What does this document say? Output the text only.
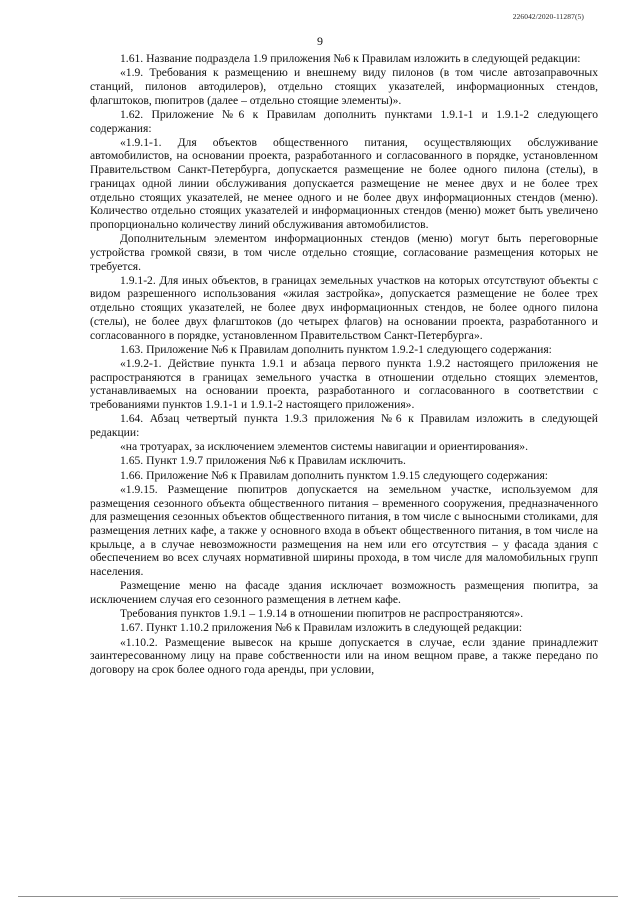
226042/2020-11287(5)
9

1.61. Название подраздела 1.9 приложения №6 к Правилам изложить в следующей редакции:

«1.9. Требования к размещению и внешнему виду пилонов (в том числе автозаправочных станций, пилонов автодилеров), отдельно стоящих указателей, информационных стендов, флагштоков, пюпитров (далее – отдельно стоящие элементы)».

1.62. Приложение №6 к Правилам дополнить пунктами 1.9.1-1 и 1.9.1-2 следующего содержания:

«1.9.1-1. Для объектов общественного питания, осуществляющих обслуживание автомобилистов, на основании проекта, разработанного и согласованного в порядке, установленном Правительством Санкт-Петербурга, допускается размещение не более одного пилона (стелы), в границах одной линии обслуживания допускается размещение не менее двух и не более трех отдельно стоящих указателей, не менее одного и не более двух информационных стендов (меню). Количество отдельно стоящих указателей и информационных стендов (меню) может быть увеличено пропорционально количеству линий обслуживания автомобилистов.

Дополнительным элементом информационных стендов (меню) могут быть переговорные устройства громкой связи, в том числе отдельно стоящие, согласование размещения которых не требуется.

1.9.1-2. Для иных объектов, в границах земельных участков на которых отсутствуют объекты с видом разрешенного использования «жилая застройка», допускается размещение не более трех отдельно стоящих указателей, не более двух информационных стендов, не более одного пилона (стелы), не более двух флагштоков (до четырех флагов) на основании проекта, разработанного и согласованного в порядке, установленном Правительством Санкт-Петербурга».

1.63. Приложение №6 к Правилам дополнить пунктом 1.9.2-1 следующего содержания:

«1.9.2-1. Действие пункта 1.9.1 и абзаца первого пункта 1.9.2 настоящего приложения не распространяются в границах земельного участка в отношении отдельно стоящих элементов, устанавливаемых на основании проекта, разработанного и согласованного в соответствии с требованиями пунктов 1.9.1-1 и 1.9.1-2 настоящего приложения».

1.64. Абзац четвертый пункта 1.9.3 приложения №6 к Правилам изложить в следующей редакции:

«на тротуарах, за исключением элементов системы навигации и ориентирования».

1.65. Пункт 1.9.7 приложения №6 к Правилам исключить.

1.66. Приложение №6 к Правилам дополнить пунктом 1.9.15 следующего содержания:

«1.9.15. Размещение пюпитров допускается на земельном участке, используемом для размещения сезонного объекта общественного питания – временного сооружения, предназначенного для размещения сезонных объектов общественного питания, в том числе с выносными столиками, для размещения летних кафе, а также у основного входа в объект общественного питания, в том числе на крыльце, а в случае невозможности размещения на нем или его отсутствия – у фасада здания с обеспечением во всех случаях нормативной ширины прохода, в том числе для маломобильных групп населения.

Размещение меню на фасаде здания исключает возможность размещения пюпитра, за исключением случая его сезонного размещения в летнем кафе.

Требования пунктов 1.9.1 – 1.9.14 в отношении пюпитров не распространяются».

1.67. Пункт 1.10.2 приложения №6 к Правилам изложить в следующей редакции:

«1.10.2. Размещение вывесок на крыше допускается в случае, если здание принадлежит заинтересованному лицу на праве собственности или на ином вещном праве, а также передано по договору на срок более одного года аренды, при условии,
